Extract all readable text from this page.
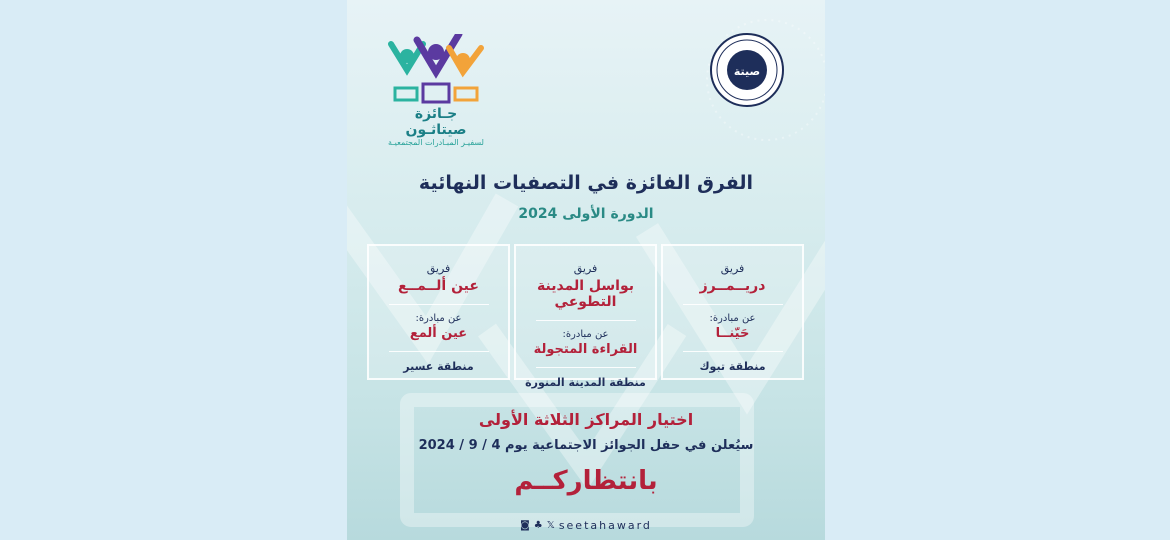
جـائزة صيتاثـون
لسفيـر المبـادرات المجتمعيـة
صيتة
الفرق الفائزة في التصفيات النهائية
الدورة الأولى 2024
فريق
دريــمــرز
عن مبادرة:
حَيّنــا
منطقة تبوك
فريق
بواسل المدينة التطوعي
عن مبادرة:
القراءة المتجولة
منطقة المدينة المنورة
فريق
عين ألــمــع
عن مبادرة:
عين ألمع
منطقة عسير
اختيار المراكز الثلاثة الأولى
سيُعلن في حفل الجوائز الاجتماعية يوم 4 / 9 / 2024
بانتظاركــم
◙ ♣ 𝕏 seetahaward
